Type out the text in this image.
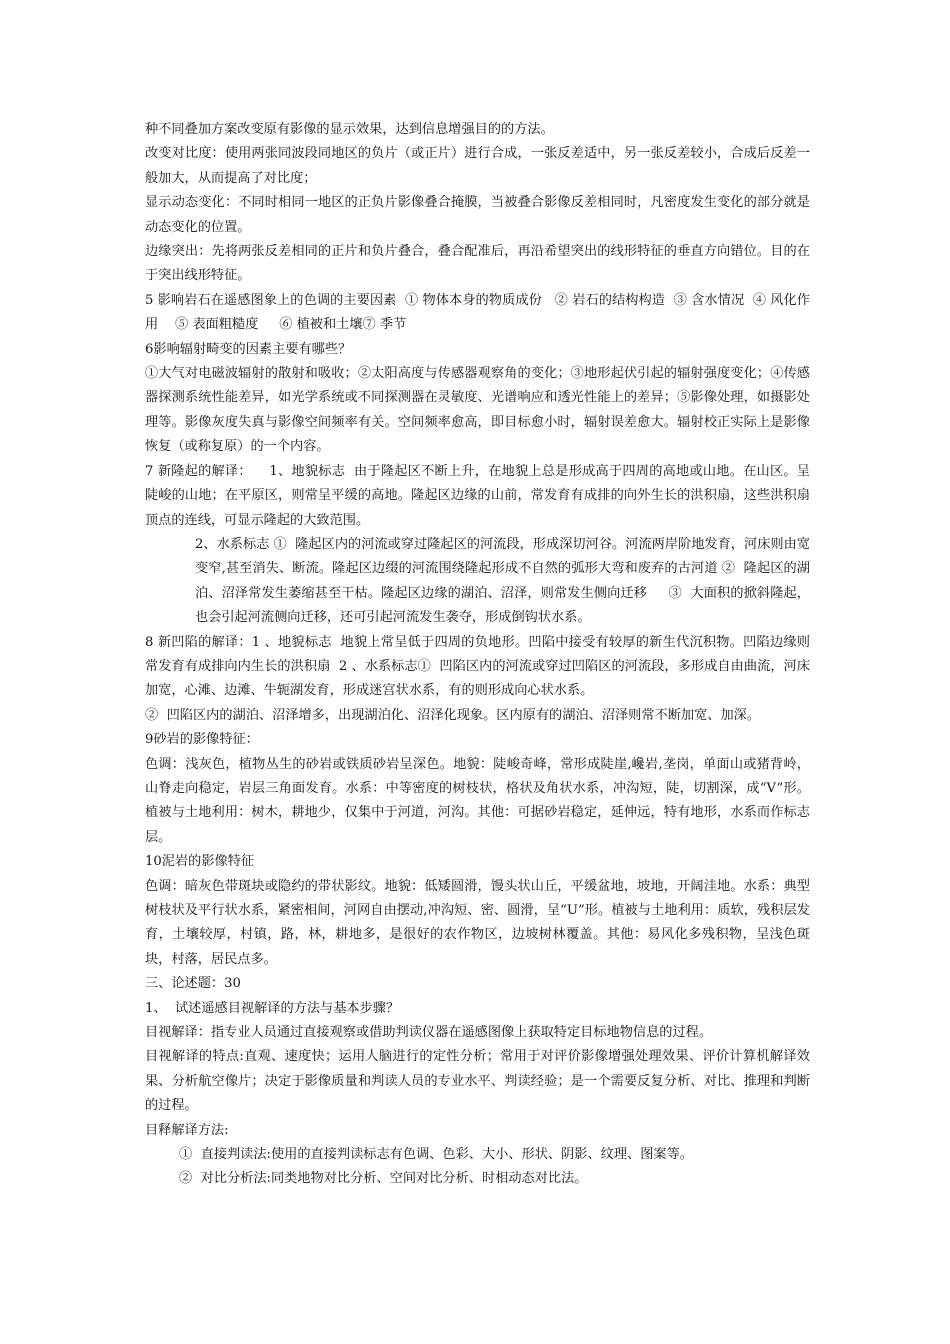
种不同叠加方案改变原有影像的显示效果，达到信息增强目的的方法。

改变对比度：使用两张同波段同地区的负片（或正片）进行合成，一张反差适中，另一张反差较小，合成后反差一般加大，从而提高了对比度；

显示动态变化：不同时相同一地区的正负片影像叠合掩膜，当被叠合影像反差相同时，凡密度发生变化的部分就是动态变化的位置。

边缘突出：先将两张反差相同的正片和负片叠合，叠合配准后，再沿希望突出的线形特征的垂直方向错位。目的在于突出线形特征。

5 影响岩石在遥感图象上的色调的主要因素  ① 物体本身的物质成份   ② 岩石的结构构造  ③ 含水情况  ④ 风化作用    ⑤ 表面粗糙度     ⑥ 植被和土壤⑦ 季节

6影响辐射畸变的因素主要有哪些？

①大气对电磁波辐射的散射和吸收；②太阳高度与传感器观察角的变化；③地形起伏引起的辐射强度变化；④传感器探测系统性能差异，如光学系统或不同探测器在灵敏度、光谱响应和透光性能上的差异；⑤影像处理，如摄影处理等。影像灰度失真与影像空间频率有关。空间频率愈高，即目标愈小时，辐射误差愈大。辐射校正实际上是影像恢复（或称复原）的一个内容。

7 新隆起的解译：    1、地貌标志  由于隆起区不断上升，在地貌上总是形成高于四周的高地或山地。在山区。呈陡峻的山地；在平原区，则常呈平缓的高地。隆起区边缘的山前，常发育有成排的向外生长的洪积扇，这些洪积扇顶点的连线，可显示隆起的大致范围。

2、水系标志 ①  隆起区内的河流或穿过隆起区的河流段，形成深切河谷。河流两岸阶地发育，河床则由宽变窄,甚至消失、断流。隆起区边缀的河流围绕隆起形成不自然的弧形大弯和废弃的古河道 ②  隆起区的湖泊、沼泽常发生萎缩甚至干枯。隆起区边缘的湖泊、沼泽，则常发生侧向迁移     ③  大面积的掀斜隆起，也会引起河流侧向迁移，还可引起河流发生袭夺，形成倒钩状水系。

8 新凹陷的解译：1 、地貌标志  地貌上常呈低于四周的负地形。凹陷中接受有较厚的新生代沉积物。凹陷边缘则常发育有成排向内生长的洪积扇  2 、水系标志①  凹陷区内的河流或穿过凹陷区的河流段，多形成自由曲流，河床加宽，心滩、边滩、牛轭湖发育，形成迷宫状水系，有的则形成向心状水系。

②  凹陷区内的湖泊、沼泽增多，出现湖泊化、沼泽化现象。区内原有的湖泊、沼泽则常不断加宽、加深。

9砂岩的影像特征：

色调：浅灰色，植物丛生的砂岩或铁质砂岩呈深色。地貌：陡峻奇峰，常形成陡崖,巉岩,垄岗，单面山或猪背岭，山脊走向稳定，岩层三角面发育。水系：中等密度的树枝状，格状及角状水系，冲沟短，陡，切割深，成“V”形。植被与土地利用：树木，耕地少，仅集中于河道，河沟。其他：可据砂岩稳定，延伸远，特有地形，水系而作标志层。

10泥岩的影像特征

色调：暗灰色带斑块或隐约的带状影纹。地貌：低矮圆滑，馒头状山丘，平缓盆地，坡地，开阔洼地。水系：典型树枝状及平行状水系，紧密相间，河网自由摆动,冲沟短、密、圆滑，呈“U”形。植被与土地利用：质软，残积层发育，土壤较厚，村镇，路，林，耕地多，是很好的农作物区，边坡树林覆盖。其他：易风化多残积物，呈浅色斑块，村落，居民点多。

三、论述题：30

1、  试述遥感目视解译的方法与基本步骤？

目视解译：指专业人员通过直接观察或借助判读仪器在遥感图像上获取特定目标地物信息的过程。

目视解译的特点:直观、速度快；运用人脑进行的定性分析；常用于对评价影像增强处理效果、评价计算机解译效果、分析航空像片；决定于影像质量和判读人员的专业水平、判读经验；是一个需要反复分析、对比、推理和判断的过程。

目释解译方法:

①  直接判读法:使用的直接判读标志有色调、色彩、大小、形状、阴影、纹理、图案等。

②  对比分析法:同类地物对比分析、空间对比分析、时相动态对比法。
